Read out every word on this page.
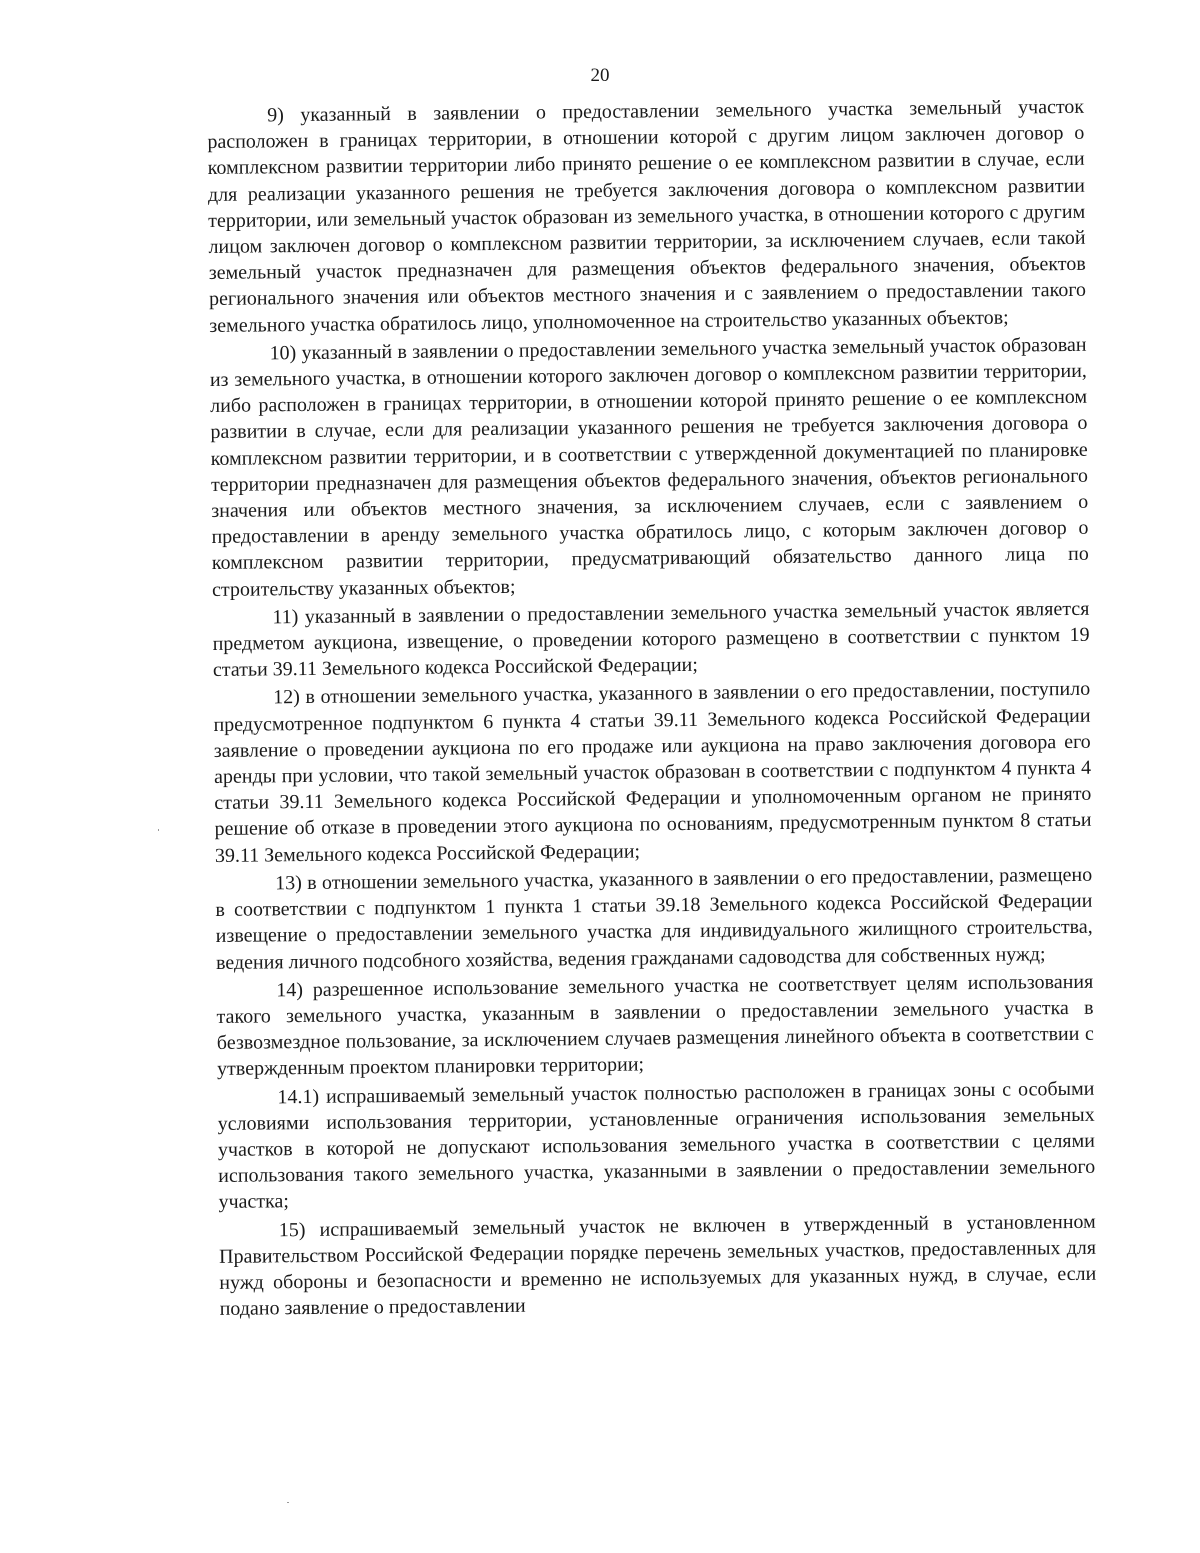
20

9) указанный в заявлении о предоставлении земельного участка земельный участок расположен в границах территории, в отношении которой с другим лицом заключен договор о комплексном развитии территории либо принято решение о ее комплексном развитии в случае, если для реализации указанного решения не требуется заключения договора о комплексном развитии территории, или земельный участок образован из земельного участка, в отношении которого с другим лицом заключен договор о комплексном развитии территории, за исключением случаев, если такой земельный участок предназначен для размещения объектов федерального значения, объектов регионального значения или объектов местного значения и с заявлением о предоставлении такого земельного участка обратилось лицо, уполномоченное на строительство указанных объектов;

10) указанный в заявлении о предоставлении земельного участка земельный участок образован из земельного участка, в отношении которого заключен договор о комплексном развитии территории, либо расположен в границах территории, в отношении которой принято решение о ее комплексном развитии в случае, если для реализации указанного решения не требуется заключения договора о комплексном развитии территории, и в соответствии с утвержденной документацией по планировке территории предназначен для размещения объектов федерального значения, объектов регионального значения или объектов местного значения, за исключением случаев, если с заявлением о предоставлении в аренду земельного участка обратилось лицо, с которым заключен договор о комплексном развитии территории, предусматривающий обязательство данного лица по строительству указанных объектов;

11) указанный в заявлении о предоставлении земельного участка земельный участок является предметом аукциона, извещение, о проведении которого размещено в соответствии с пунктом 19 статьи 39.11 Земельного кодекса Российской Федерации;

12) в отношении земельного участка, указанного в заявлении о его предоставлении, поступило предусмотренное подпунктом 6 пункта 4 статьи 39.11 Земельного кодекса Российской Федерации заявление о проведении аукциона по его продаже или аукциона на право заключения договора его аренды при условии, что такой земельный участок образован в соответствии с подпунктом 4 пункта 4 статьи 39.11 Земельного кодекса Российской Федерации и уполномоченным органом не принято решение об отказе в проведении этого аукциона по основаниям, предусмотренным пунктом 8 статьи 39.11 Земельного кодекса Российской Федерации;

13) в отношении земельного участка, указанного в заявлении о его предоставлении, размещено в соответствии с подпунктом 1 пункта 1 статьи 39.18 Земельного кодекса Российской Федерации извещение о предоставлении земельного участка для индивидуального жилищного строительства, ведения личного подсобного хозяйства, ведения гражданами садоводства для собственных нужд;

14) разрешенное использование земельного участка не соответствует целям использования такого земельного участка, указанным в заявлении о предоставлении земельного участка в безвозмездное пользование, за исключением случаев размещения линейного объекта в соответствии с утвержденным проектом планировки территории;

14.1) испрашиваемый земельный участок полностью расположен в границах зоны с особыми условиями использования территории, установленные ограничения использования земельных участков в которой не допускают использования земельного участка в соответствии с целями использования такого земельного участка, указанными в заявлении о предоставлении земельного участка;

15) испрашиваемый земельный участок не включен в утвержденный в установленном Правительством Российской Федерации порядке перечень земельных участков, предоставленных для нужд обороны и безопасности и временно не используемых для указанных нужд, в случае, если подано заявление о предоставлении
